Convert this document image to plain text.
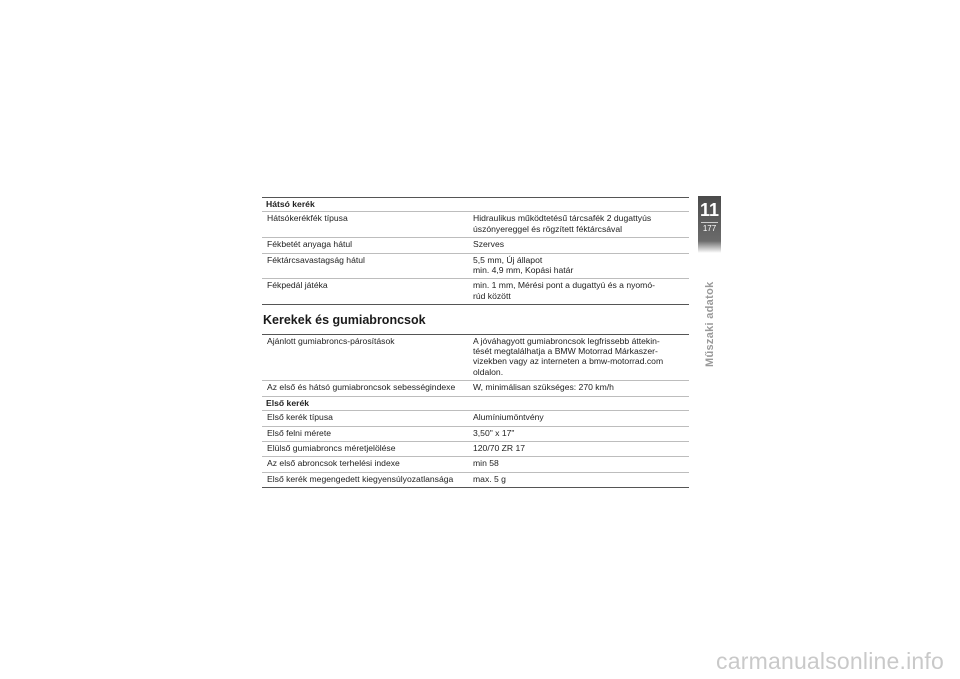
Hátsó kerék
Hátsókerékfék típusa	Hidraulikus működtetésű tárcsafék 2 dugattyús
úszónyereggel és rögzített féktárcsával
Fékbetét anyaga hátul	Szerves
Féktárcsavastagság hátul	5,5 mm, Új állapot
min. 4,9 mm, Kopási határ
Fékpedál játéka	min. 1 mm, Mérési pont a dugattyú és a nyomó-
rúd között
Kerekek és gumiabroncsok
Ajánlott gumiabroncs-párosítások	A jóváhagyott gumiabroncsok legfrissebb áttekin-
tését megtalálhatja a BMW Motorrad Márkaszer-
vizekben vagy az interneten a bmw-motorrad.com
oldalon.
Az első és hátsó gumiabroncsok sebességindexe	W, minimálisan szükséges: 270 km/h
Első kerék
Első kerék típusa	Alumíniumöntvény
Első felni mérete	3,50" x 17"
Elülső gumiabroncs méretjelölése	120/70 ZR 17
Az első abroncsok terhelési indexe	min 58
Első kerék megengedett kiegyensúlyozatlansága	max. 5 g
11
177
Műszaki adatok
carmanualsonline.info
